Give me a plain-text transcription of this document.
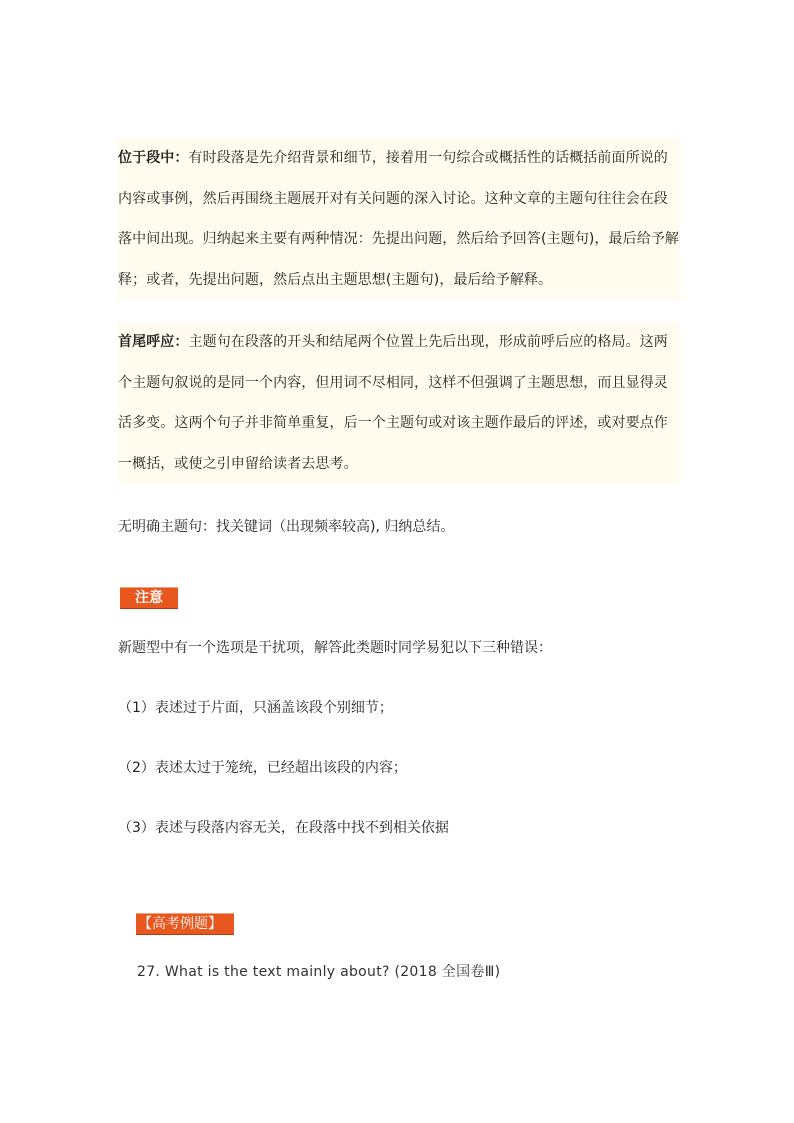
位于段中：有时段落是先介绍背景和细节，接着用一句综合或概括性的话概括前面所说的内容或事例，然后再围绕主题展开对有关问题的深入讨论。这种文章的主题句往往会在段落中间出现。归纳起来主要有两种情况：先提出问题，然后给予回答(主题句)，最后给予解释；或者，先提出问题，然后点出主题思想(主题句)，最后给予解释。

首尾呼应：主题句在段落的开头和结尾两个位置上先后出现，形成前呼后应的格局。这两个主题句叙说的是同一个内容，但用词不尽相同，这样不但强调了主题思想，而且显得灵活多变。这两个句子并非简单重复，后一个主题句或对该主题作最后的评述，或对要点作一概括，或使之引申留给读者去思考。

无明确主题句：找关键词（出现频率较高), 归纳总结。
注意
新题型中有一个选项是干扰项，解答此类题时同学易犯以下三种错误：
（1）表述过于片面，只涵盖该段个别细节；
（2）表述太过于笼统，已经超出该段的内容；
（3）表述与段落内容无关，在段落中找不到相关依据
【高考例题】
27. What is the text mainly about? (2018 全国卷Ⅲ)
